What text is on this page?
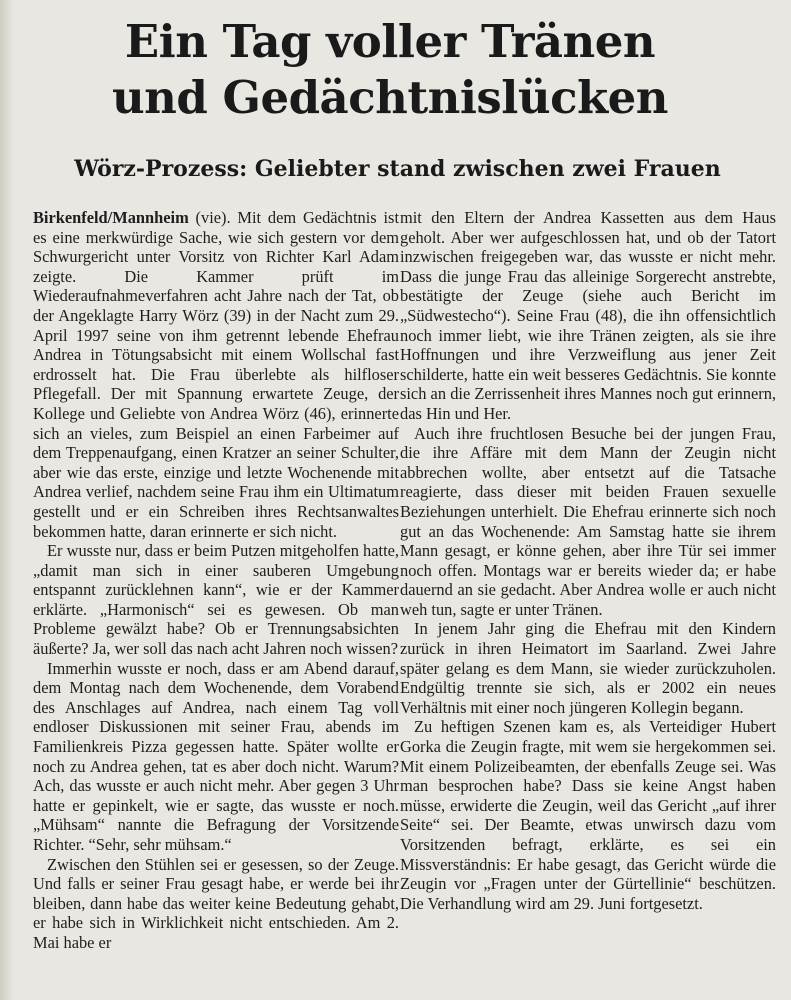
Ein Tag voller Tränen
und Gedächtnislücken
Wörz-Prozess: Geliebter stand zwischen zwei Frauen

Birkenfeld/Mannheim (vie). Mit dem Gedächtnis ist es eine merkwürdige Sache, wie sich gestern vor dem Schwurgericht unter Vorsitz von Richter Karl Adam zeigte. Die Kammer prüft im Wiederaufnahmeverfahren acht Jahre nach der Tat, ob der Angeklagte Harry Wörz (39) in der Nacht zum 29. April 1997 seine von ihm getrennt lebende Ehefrau Andrea in Tötungsabsicht mit einem Wollschal fast erdrosselt hat. Die Frau überlebte als hilfloser Pflegefall. Der mit Spannung erwartete Zeuge, der Kollege und Geliebte von Andrea Wörz (46), erinnerte sich an vieles, zum Beispiel an einen Farbeimer auf dem Treppenaufgang, einen Kratzer an seiner Schulter, aber wie das erste, einzige und letzte Wochenende mit Andrea verlief, nachdem seine Frau ihm ein Ultimatum gestellt und er ein Schreiben ihres Rechtsanwaltes bekommen hatte, daran erinnerte er sich nicht.

Er wusste nur, dass er beim Putzen mitgeholfen hatte, „damit man sich in einer sauberen Umgebung entspannt zurücklehnen kann“, wie er der Kammer erklärte. „Harmonisch“ sei es gewesen. Ob man Probleme gewälzt habe? Ob er Trennungsabsichten äußerte? Ja, wer soll das nach acht Jahren noch wissen?

Immerhin wusste er noch, dass er am Abend darauf, dem Montag nach dem Wochenende, dem Vorabend des Anschlages auf Andrea, nach einem Tag voll endloser Diskussionen mit seiner Frau, abends im Familienkreis Pizza gegessen hatte. Später wollte er noch zu Andrea gehen, tat es aber doch nicht. Warum? Ach, das wusste er auch nicht mehr. Aber gegen 3 Uhr hatte er gepinkelt, wie er sagte, das wusste er noch. „Mühsam“ nannte die Befragung der Vorsitzende Richter. “Sehr, sehr mühsam.“

Zwischen den Stühlen sei er gesessen, so der Zeuge. Und falls er seiner Frau gesagt habe, er werde bei ihr bleiben, dann habe das weiter keine Bedeutung gehabt, er habe sich in Wirklichkeit nicht entschieden. Am 2. Mai habe er

mit den Eltern der Andrea Kassetten aus dem Haus geholt. Aber wer aufgeschlossen hat, und ob der Tatort inzwischen freigegeben war, das wusste er nicht mehr. Dass die junge Frau das alleinige Sorgerecht anstrebte, bestätigte der Zeuge (siehe auch Bericht im „Südwestecho“). Seine Frau (48), die ihn offensichtlich noch immer liebt, wie ihre Tränen zeigten, als sie ihre Hoffnungen und ihre Verzweiflung aus jener Zeit schilderte, hatte ein weit besseres Gedächtnis. Sie konnte sich an die Zerrissenheit ihres Mannes noch gut erinnern, das Hin und Her.

Auch ihre fruchtlosen Besuche bei der jungen Frau, die ihre Affäre mit dem Mann der Zeugin nicht abbrechen wollte, aber entsetzt auf die Tatsache reagierte, dass dieser mit beiden Frauen sexuelle Beziehungen unterhielt. Die Ehefrau erinnerte sich noch gut an das Wochenende: Am Samstag hatte sie ihrem Mann gesagt, er könne gehen, aber ihre Tür sei immer noch offen. Montags war er bereits wieder da; er habe dauernd an sie gedacht. Aber Andrea wolle er auch nicht weh tun, sagte er unter Tränen.

In jenem Jahr ging die Ehefrau mit den Kindern zurück in ihren Heimatort im Saarland. Zwei Jahre später gelang es dem Mann, sie wieder zurückzuholen. Endgültig trennte sie sich, als er 2002 ein neues Verhältnis mit einer noch jüngeren Kollegin begann.

Zu heftigen Szenen kam es, als Verteidiger Hubert Gorka die Zeugin fragte, mit wem sie hergekommen sei. Mit einem Polizeibeamten, der ebenfalls Zeuge sei. Was man besprochen habe? Dass sie keine Angst haben müsse, erwiderte die Zeugin, weil das Gericht „auf ihrer Seite“ sei. Der Beamte, etwas unwirsch dazu vom Vorsitzenden befragt, erklärte, es sei ein Missverständnis: Er habe gesagt, das Gericht würde die Zeugin vor „Fragen unter der Gürtellinie“ beschützen. Die Verhandlung wird am 29. Juni fortgesetzt.
